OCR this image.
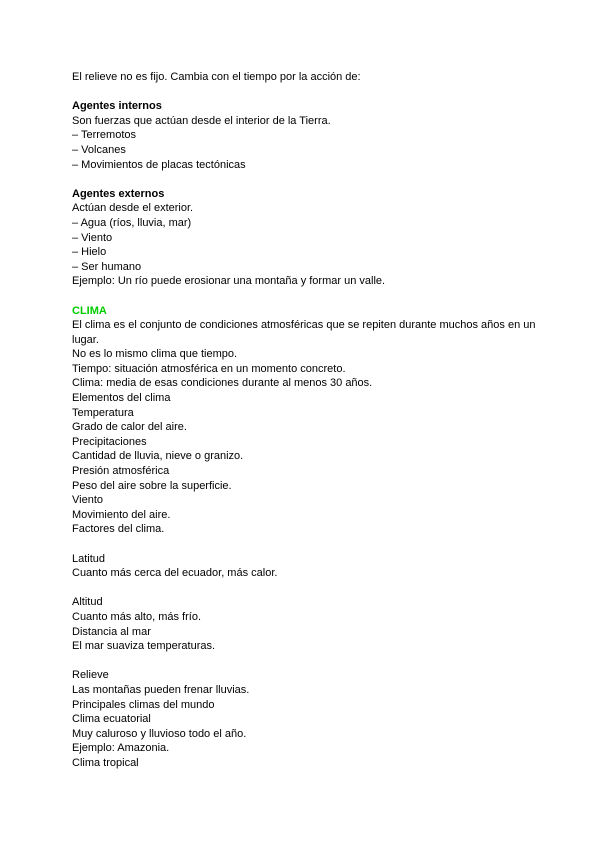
El relieve no es fijo. Cambia con el tiempo por la acción de:
Agentes internos
Son fuerzas que actúan desde el interior de la Tierra.
– Terremotos
– Volcanes
– Movimientos de placas tectónicas
Agentes externos
Actúan desde el exterior.
– Agua (ríos, lluvia, mar)
– Viento
– Hielo
– Ser humano
Ejemplo: Un río puede erosionar una montaña y formar un valle.
CLIMA
El clima es el conjunto de condiciones atmosféricas que se repiten durante muchos años en un lugar.
No es lo mismo clima que tiempo.
Tiempo: situación atmosférica en un momento concreto.
Clima: media de esas condiciones durante al menos 30 años.
Elementos del clima
Temperatura
Grado de calor del aire.
Precipitaciones
Cantidad de lluvia, nieve o granizo.
Presión atmosférica
Peso del aire sobre la superficie.
Viento
Movimiento del aire.
Factores del clima.
Latitud
Cuanto más cerca del ecuador, más calor.
Altitud
Cuanto más alto, más frío.
Distancia al mar
El mar suaviza temperaturas.
Relieve
Las montañas pueden frenar lluvias.
Principales climas del mundo
Clima ecuatorial
Muy caluroso y lluvioso todo el año.
Ejemplo: Amazonia.
Clima tropical
